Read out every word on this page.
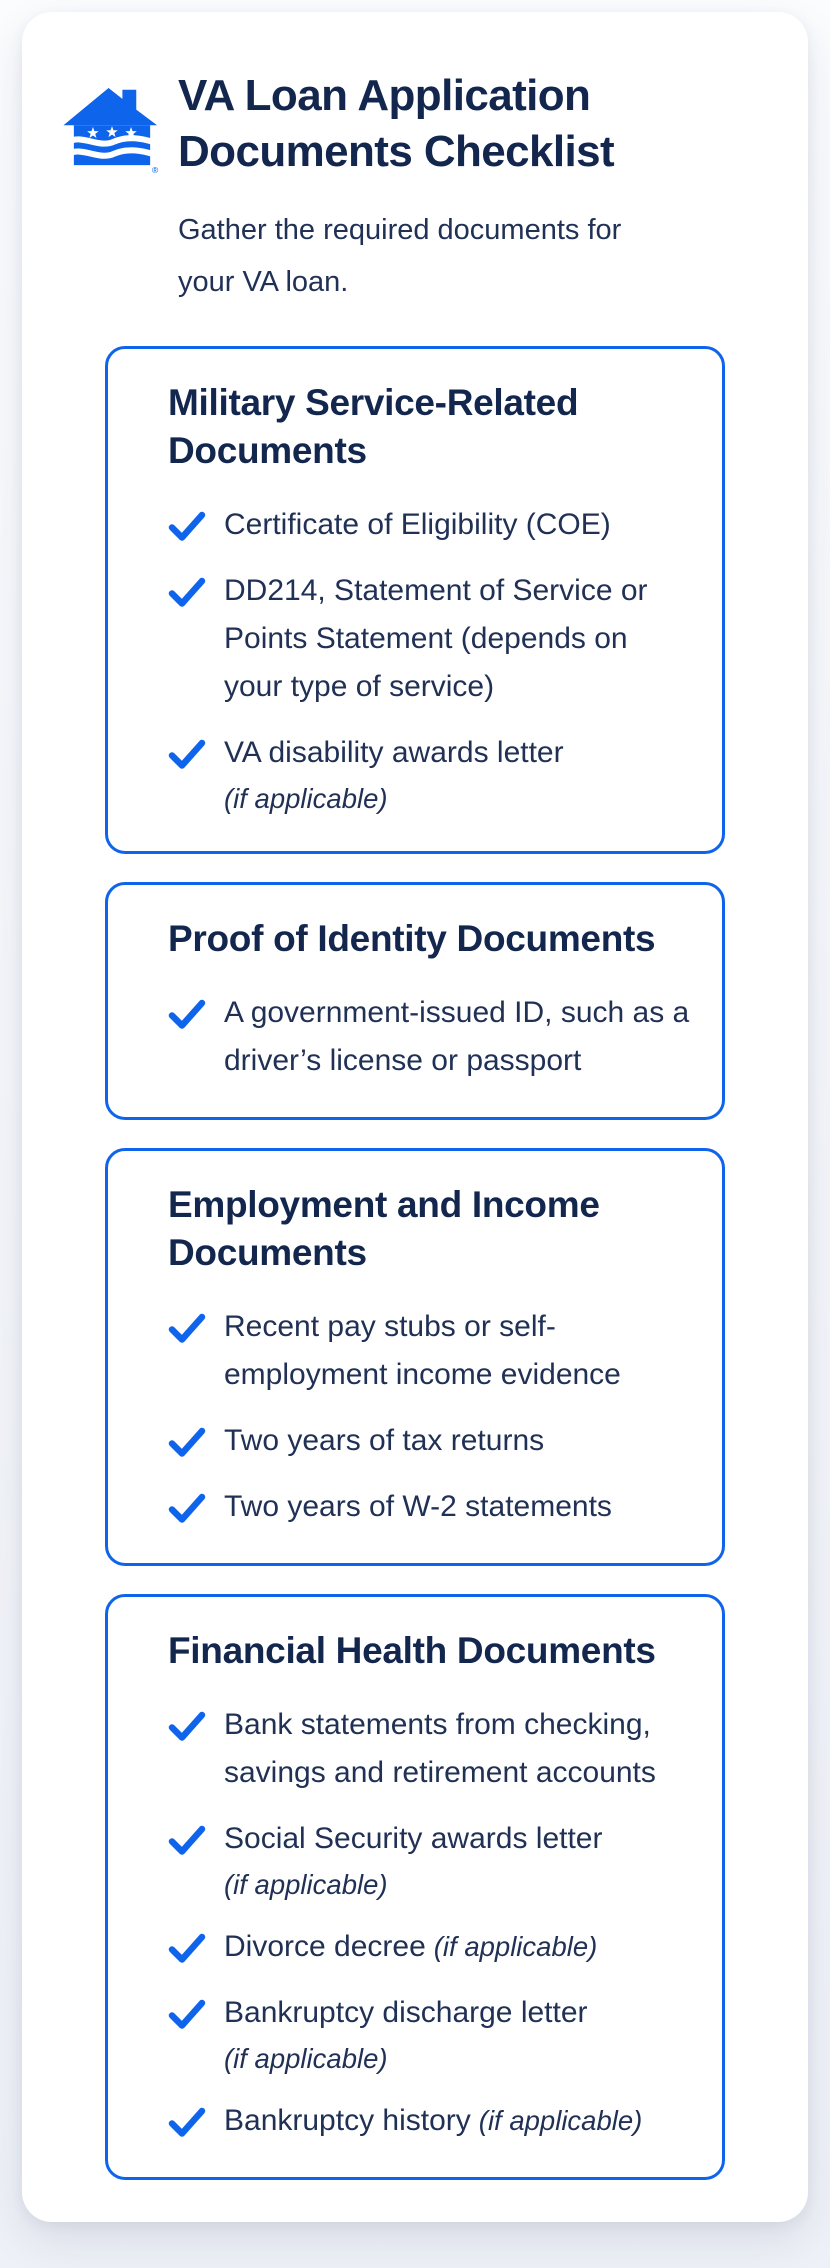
®
VA Loan Application
Documents Checklist
Gather the required documents for
your VA loan.
Military Service-Related
Documents
Certificate of Eligibility (COE)
DD214, Statement of Service or Points Statement (depends on your type of service)
VA disability awards letter
(if applicable)
Proof of Identity Documents
A government-issued ID, such as a driver’s license or passport
Employment and Income
Documents
Recent pay stubs or self-employment income evidence
Two years of tax returns
Two years of W-2 statements
Financial Health Documents
Bank statements from checking, savings and retirement accounts
Social Security awards letter
(if applicable)
Divorce decree (if applicable)
Bankruptcy discharge letter
(if applicable)
Bankruptcy history (if applicable)
